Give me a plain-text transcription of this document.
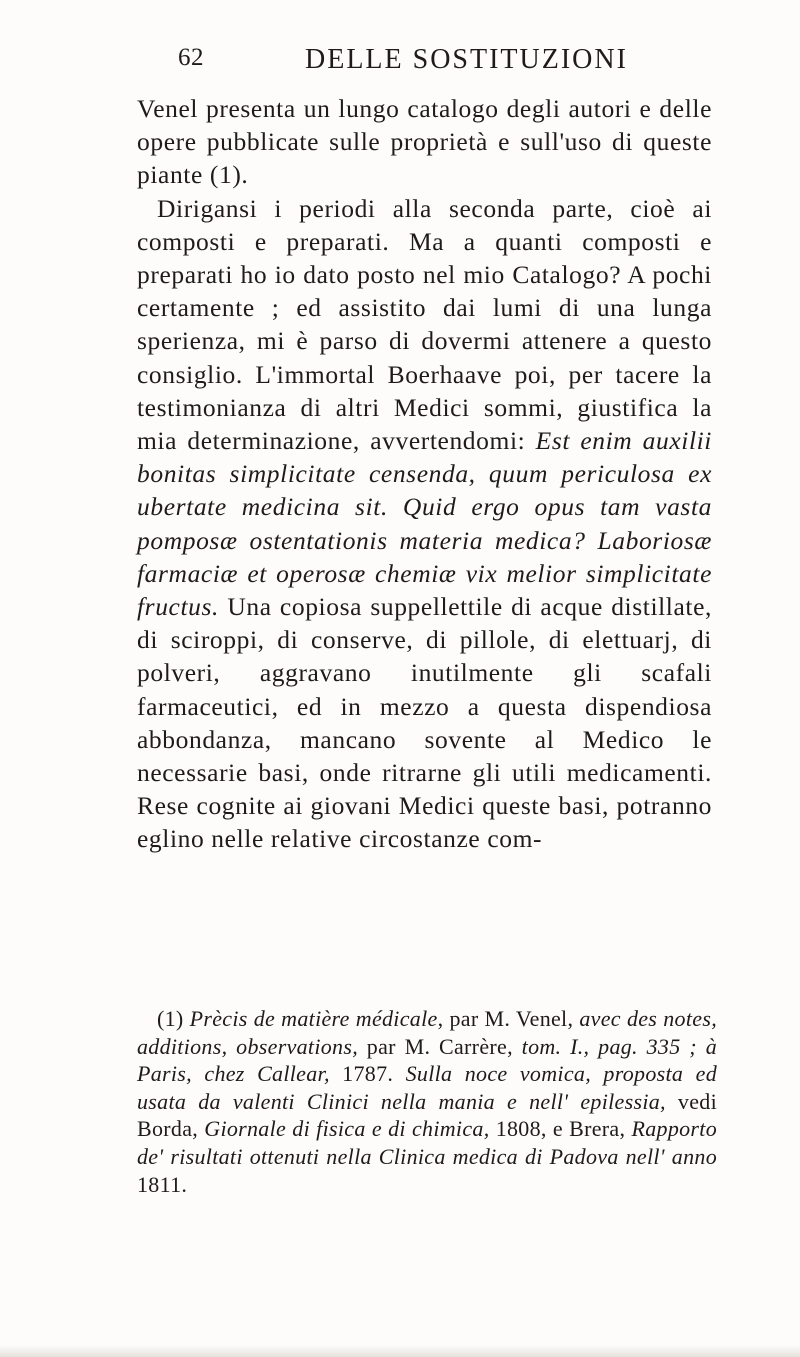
62	DELLE SOSTITUZIONI

Venel presenta un lungo catalogo degli autori e delle opere pubblicate sulle proprietà e sull'uso di queste piante (1).

Dirigansi i periodi alla seconda parte, cioè ai composti e preparati. Ma a quanti composti e preparati ho io dato posto nel mio Catalogo? A pochi certamente ; ed assistito dai lumi di una lunga sperienza, mi è parso di dovermi attenere a questo consiglio. L'immortal Boerhaave poi, per tacere la testimonianza di altri Medici sommi, giustifica la mia determinazione, avvertendomi: Est enim auxilii bonitas simplicitate censenda, quum periculosa ex ubertate medicina sit. Quid ergo opus tam vasta pomposæ ostentationis materia medica? Laboriosæ farmaciæ et operosæ chemiæ vix melior simplicitate fructus. Una copiosa suppellettile di acque distillate, di sciroppi, di conserve, di pillole, di elettuarj, di polveri, aggravano inutilmente gli scafali farmaceutici, ed in mezzo a questa dispendiosa abbondanza, mancano sovente al Medico le necessarie basi, onde ritrarne gli utili medicamenti. Rese cognite ai giovani Medici queste basi, potranno eglino nelle relative circostanze com-

(1) Prècis de matière médicale, par M. Venel, avec des notes, additions, observations, par M. Carrère, tom. I., pag. 335 ; à Paris, chez Callear, 1787. Sulla noce vomica, proposta ed usata da valenti Clinici nella mania e nell' epilessia, vedi Borda, Giornale di fisica e di chimica, 1808, e Brera, Rapporto de' risultati ottenuti nella Clinica medica di Padova nell' anno 1811.
